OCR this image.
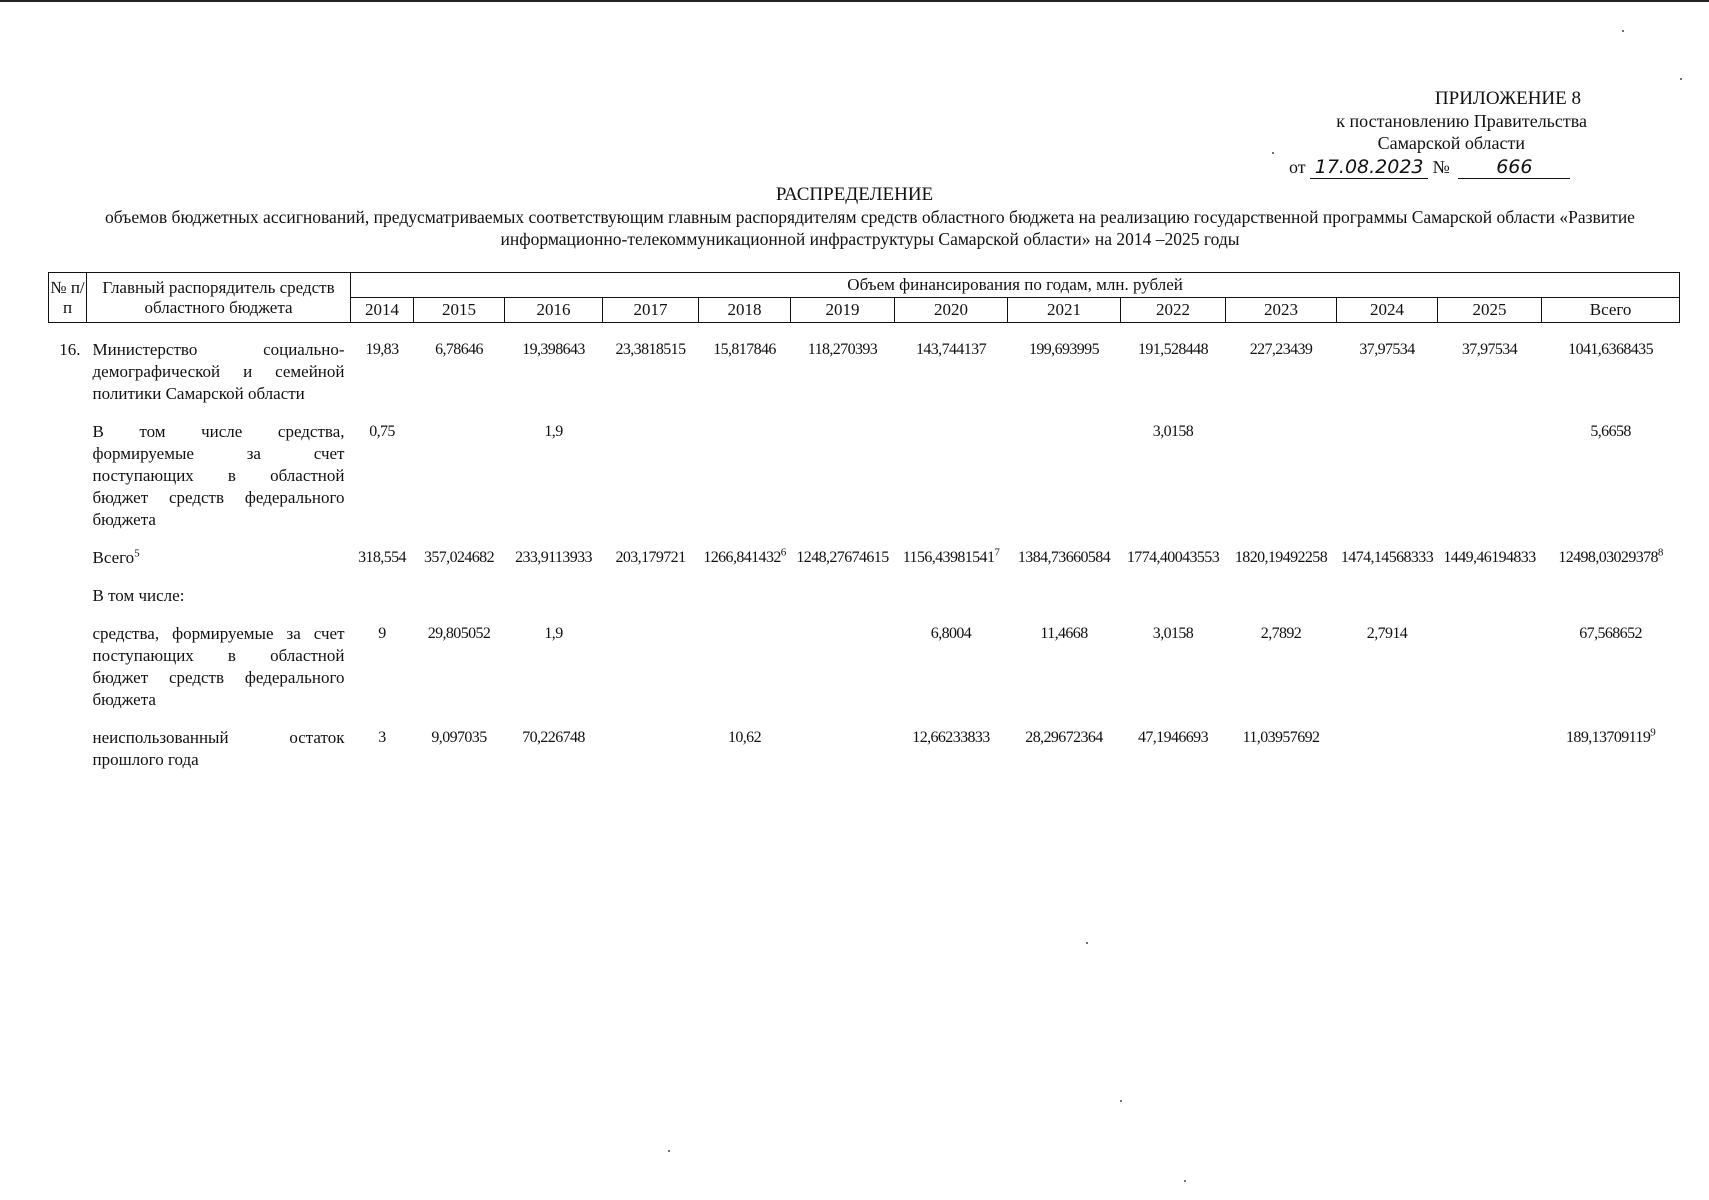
ПРИЛОЖЕНИЕ 8
к постановлению Правительства
Самарской области
от 17.08.2023 № 666
РАСПРЕДЕЛЕНИЕ
объемов бюджетных ассигнований, предусматриваемых соответствующим главным распорядителям средств областного бюджета на реализацию государственной программы Самарской области «Развитие информационно-телекоммуникационной инфраструктуры Самарской области» на 2014 –2025 годы
№ п/п	Главный распорядитель средств областного бюджета	Объем финансирования по годам, млн. рублей												
		2014	2015	2016	2017	2018	2019	2020	2021	2022	2023	2024	2025	Всего

16.	Министерство социально-демографической и семейной политики Самарской области	19,83	6,78646	19,398643	23,3818515	15,817846	118,270393	143,744137	199,693995	191,528448	227,23439	37,97534	37,97534	1041,6368435

	В том числе средства, формируемые за счет поступающих в областной бюджет средств федерального бюджета	0,75		1,9						3,0158				5,6658

	Всего$^5$	318,554	357,024682	233,9113933	203,179721	1266,841432$^6$	1248,27674615	1156,43981541$^7$	1384,73660584	1774,40043553	1820,19492258	1474,14568333	1449,46194833	12498,03029378$^8$

	В том числе:													

	средства, формируемые за счет поступающих в областной бюджет средств федерального бюджета	9	29,805052	1,9				6,8004	11,4668	3,0158	2,7892	2,7914		67,568652

	неиспользованный остаток прошлого года	3	9,097035	70,226748		10,62		12,66233833	28,29672364	47,1946693	11,03957692			189,13709119$^9$
